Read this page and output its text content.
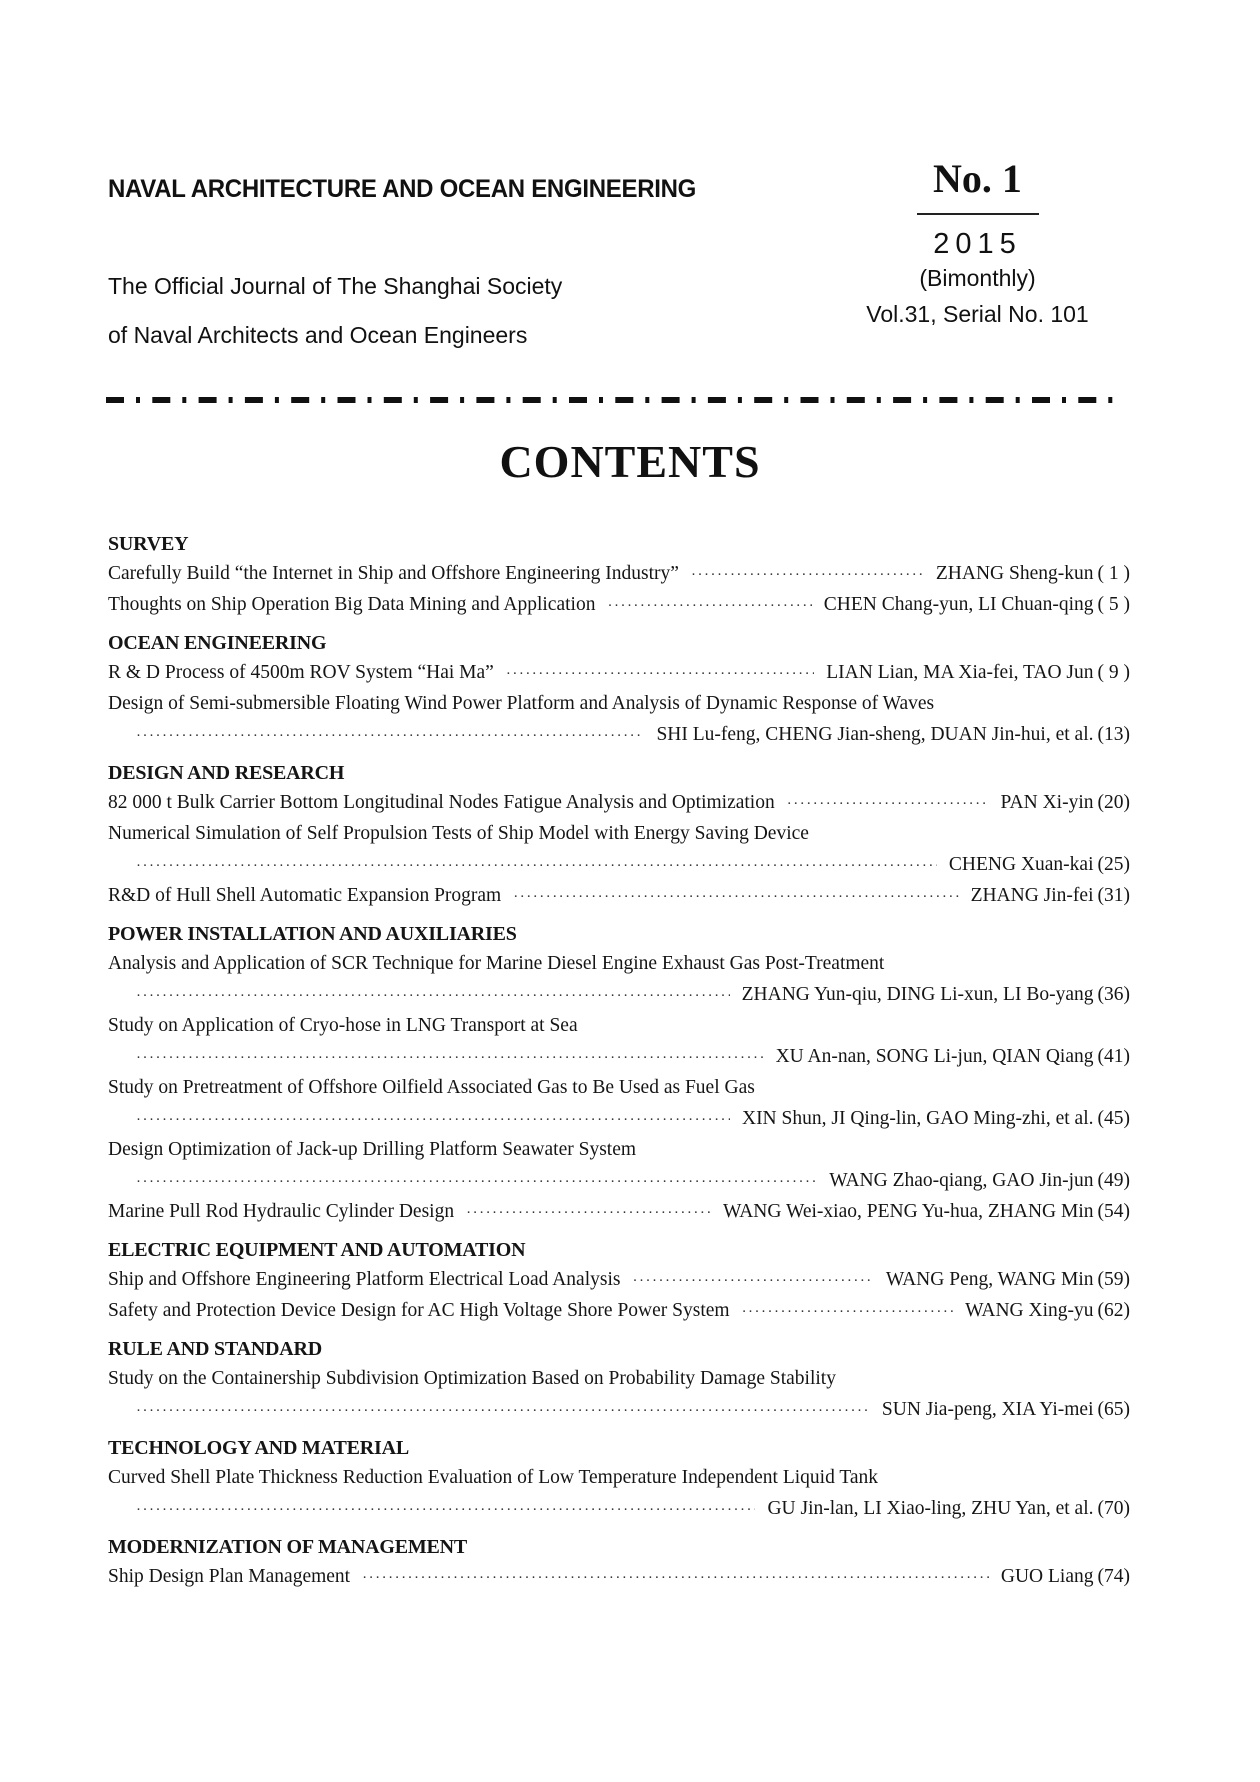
NAVAL ARCHITECTURE AND OCEAN ENGINEERING
The Official Journal of The Shanghai Society
of Naval Architects and Ocean Engineers
No. 1
2015
(Bimonthly)
Vol.31, Serial No. 101
CONTENTS
SURVEY
Carefully Build “the Internet in Ship and Offshore Engineering Industry” ·····	ZHANG Sheng-kun ( 1 )
Thoughts on Ship Operation Big Data Mining and Application ·····	CHEN Chang-yun, LI Chuan-qing ( 5 )
OCEAN ENGINEERING
R & D Process of 4500m ROV System “Hai Ma” ·····	LIAN Lian, MA Xia-fei, TAO Jun ( 9 )
Design of Semi-submersible Floating Wind Power Platform and Analysis of Dynamic Response of Waves
·····
SHI Lu-feng, CHENG Jian-sheng, DUAN Jin-hui, et al. (13)
DESIGN AND RESEARCH
82 000 t Bulk Carrier Bottom Longitudinal Nodes Fatigue Analysis and Optimization ·····	PAN Xi-yin (20)
Numerical Simulation of Self Propulsion Tests of Ship Model with Energy Saving Device
·····
CHENG Xuan-kai (25)
R&D of Hull Shell Automatic Expansion Program ·····	ZHANG Jin-fei (31)
POWER INSTALLATION AND AUXILIARIES
Analysis and Application of SCR Technique for Marine Diesel Engine Exhaust Gas Post-Treatment
·····
ZHANG Yun-qiu, DING Li-xun, LI Bo-yang (36)
Study on Application of Cryo-hose in LNG Transport at Sea
·····
XU An-nan, SONG Li-jun, QIAN Qiang (41)
Study on Pretreatment of Offshore Oilfield Associated Gas to Be Used as Fuel Gas
·····
XIN Shun, JI Qing-lin, GAO Ming-zhi, et al. (45)
Design Optimization of Jack-up Drilling Platform Seawater System
·····
WANG Zhao-qiang, GAO Jin-jun (49)
Marine Pull Rod Hydraulic Cylinder Design ·····	WANG Wei-xiao, PENG Yu-hua, ZHANG Min (54)
ELECTRIC EQUIPMENT AND AUTOMATION
Ship and Offshore Engineering Platform Electrical Load Analysis ·····	WANG Peng, WANG Min (59)
Safety and Protection Device Design for AC High Voltage Shore Power System ·····	WANG Xing-yu (62)
RULE AND STANDARD
Study on the Containership Subdivision Optimization Based on Probability Damage Stability
·····
SUN Jia-peng, XIA Yi-mei (65)
TECHNOLOGY AND MATERIAL
Curved Shell Plate Thickness Reduction Evaluation of Low Temperature Independent Liquid Tank
·····
GU Jin-lan, LI Xiao-ling, ZHU Yan, et al. (70)
MODERNIZATION OF MANAGEMENT
Ship Design Plan Management ·····	GUO Liang (74)
